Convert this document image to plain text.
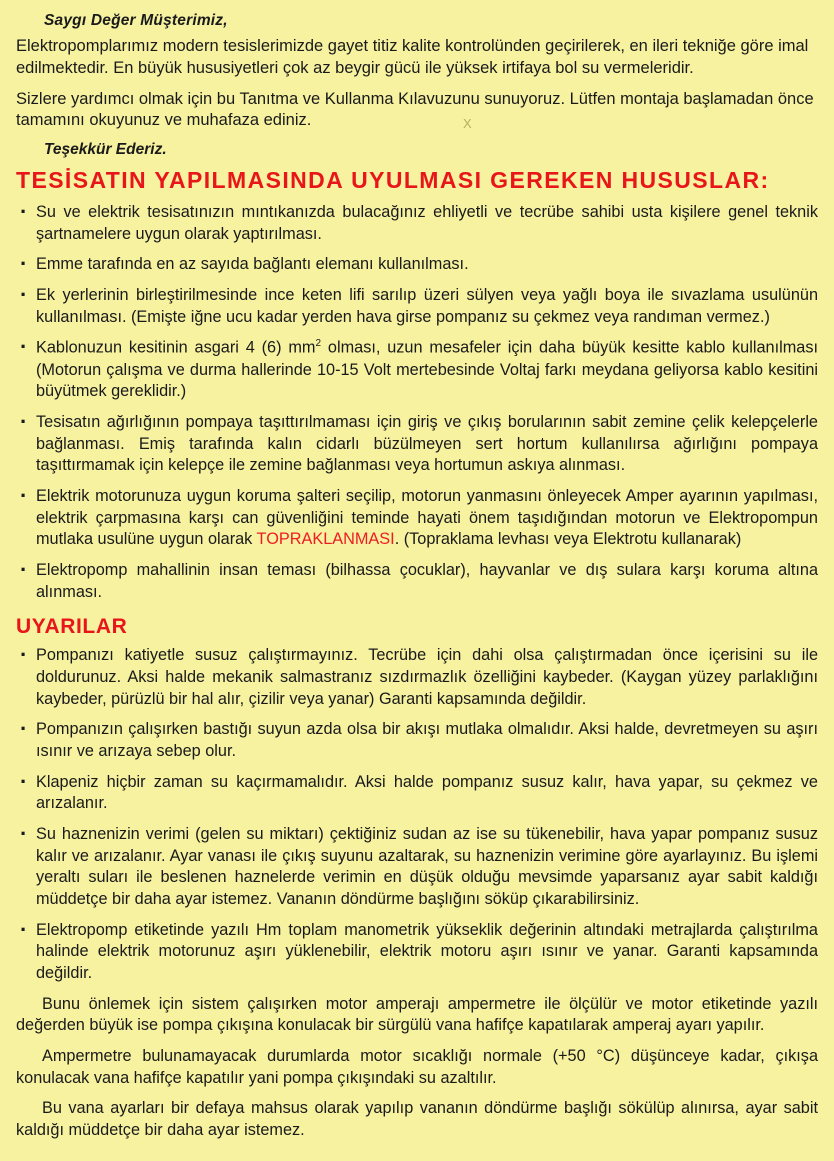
Χ
Saygı Değer Müşterimiz,

Elektropomplarımız modern tesislerimizde gayet titiz kalite kontrolünden geçirilerek, en ileri tekniğe göre imal edilmektedir. En büyük hususiyetleri çok az beygir gücü ile yüksek irtifaya bol su vermeleridir.

Sizlere yardımcı olmak için bu Tanıtma ve Kullanma Kılavuzunu sunuyoruz. Lütfen montaja başlamadan önce tamamını okuyunuz ve muhafaza ediniz.

Teşekkür Ederiz.
TESİSATIN YAPILMASINDA UYULMASI GEREKEN HUSUSLAR:
· Su ve elektrik tesisatınızın mıntıkanızda bulacağınız ehliyetli ve tecrübe sahibi usta kişilere genel teknik şartnamelere uygun olarak yaptırılması.
· Emme tarafında en az sayıda bağlantı elemanı kullanılması.
· Ek yerlerinin birleştirilmesinde ince keten lifi sarılıp üzeri sülyen veya yağlı boya ile sıvazlama usulünün kullanılması. (Emişte iğne ucu kadar yerden hava girse pompanız su çekmez veya randıman vermez.)
· Kablonuzun kesitinin asgari 4 (6) $mm^2$ olması, uzun mesafeler için daha büyük kesitte kablo kullanılması (Motorun çalışma ve durma hallerinde 10-15 Volt mertebesinde Voltaj farkı meydana geliyorsa kablo kesitini büyütmek gereklidir.)
· Tesisatın ağırlığının pompaya taşıttırılmaması için giriş ve çıkış borularının sabit zemine çelik kelepçelerle bağlanması. Emiş tarafında kalın cidarlı büzülmeyen sert hortum kullanılırsa ağırlığını pompaya taşıttırmamak için kelepçe ile zemine bağlanması veya hortumun askıya alınması.
· Elektrik motorunuza uygun koruma şalteri seçilip, motorun yanmasını önleyecek Amper ayarının yapılması, elektrik çarpmasına karşı can güvenliğini teminde hayati önem taşıdığından motorun ve Elektropompun mutlaka usulüne uygun olarak TOPRAKLANMASI. (Topraklama levhası veya Elektrotu kullanarak)
· Elektropomp mahallinin insan teması (bilhassa çocuklar), hayvanlar ve dış sulara karşı koruma altına alınması.
UYARILAR
· Pompanızı katiyetle susuz çalıştırmayınız. Tecrübe için dahi olsa çalıştırmadan önce içerisini su ile doldurunuz. Aksi halde mekanik salmastranız sızdırmazlık özelliğini kaybeder. (Kaygan yüzey parlaklığını kaybeder, pürüzlü bir hal alır, çizilir veya yanar) Garanti kapsamında değildir.
· Pompanızın çalışırken bastığı suyun azda olsa bir akışı mutlaka olmalıdır. Aksi halde, devretmeyen su aşırı ısınır ve arızaya sebep olur.
· Klapeniz hiçbir zaman su kaçırmamalıdır. Aksi halde pompanız susuz kalır, hava yapar, su çekmez ve arızalanır.
· Su haznenizin verimi (gelen su miktarı) çektiğiniz sudan az ise su tükenebilir, hava yapar pompanız susuz kalır ve arızalanır. Ayar vanası ile çıkış suyunu azaltarak, su haznenizin verimine göre ayarlayınız. Bu işlemi yeraltı suları ile beslenen haznelerde verimin en düşük olduğu mevsimde yaparsanız ayar sabit kaldığı müddetçe bir daha ayar istemez. Vananın döndürme başlığını söküp çıkarabilirsiniz.
· Elektropomp etiketinde yazılı Hm toplam manometrik yükseklik değerinin altındaki metrajlarda çalıştırılma halinde elektrik motorunuz aşırı yüklenebilir, elektrik motoru aşırı ısınır ve yanar. Garanti kapsamında değildir.

Bunu önlemek için sistem çalışırken motor amperajı ampermetre ile ölçülür ve motor etiketinde yazılı değerden büyük ise pompa çıkışına konulacak bir sürgülü vana hafifçe kapatılarak amperaj ayarı yapılır.

Ampermetre bulunamayacak durumlarda motor sıcaklığı normale (+50 °C) düşünceye kadar, çıkışa konulacak vana hafifçe kapatılır yani pompa çıkışındaki su azaltılır.

Bu vana ayarları bir defaya mahsus olarak yapılıp vananın döndürme başlığı sökülüp alınırsa, ayar sabit kaldığı müddetçe bir daha ayar istemez.
